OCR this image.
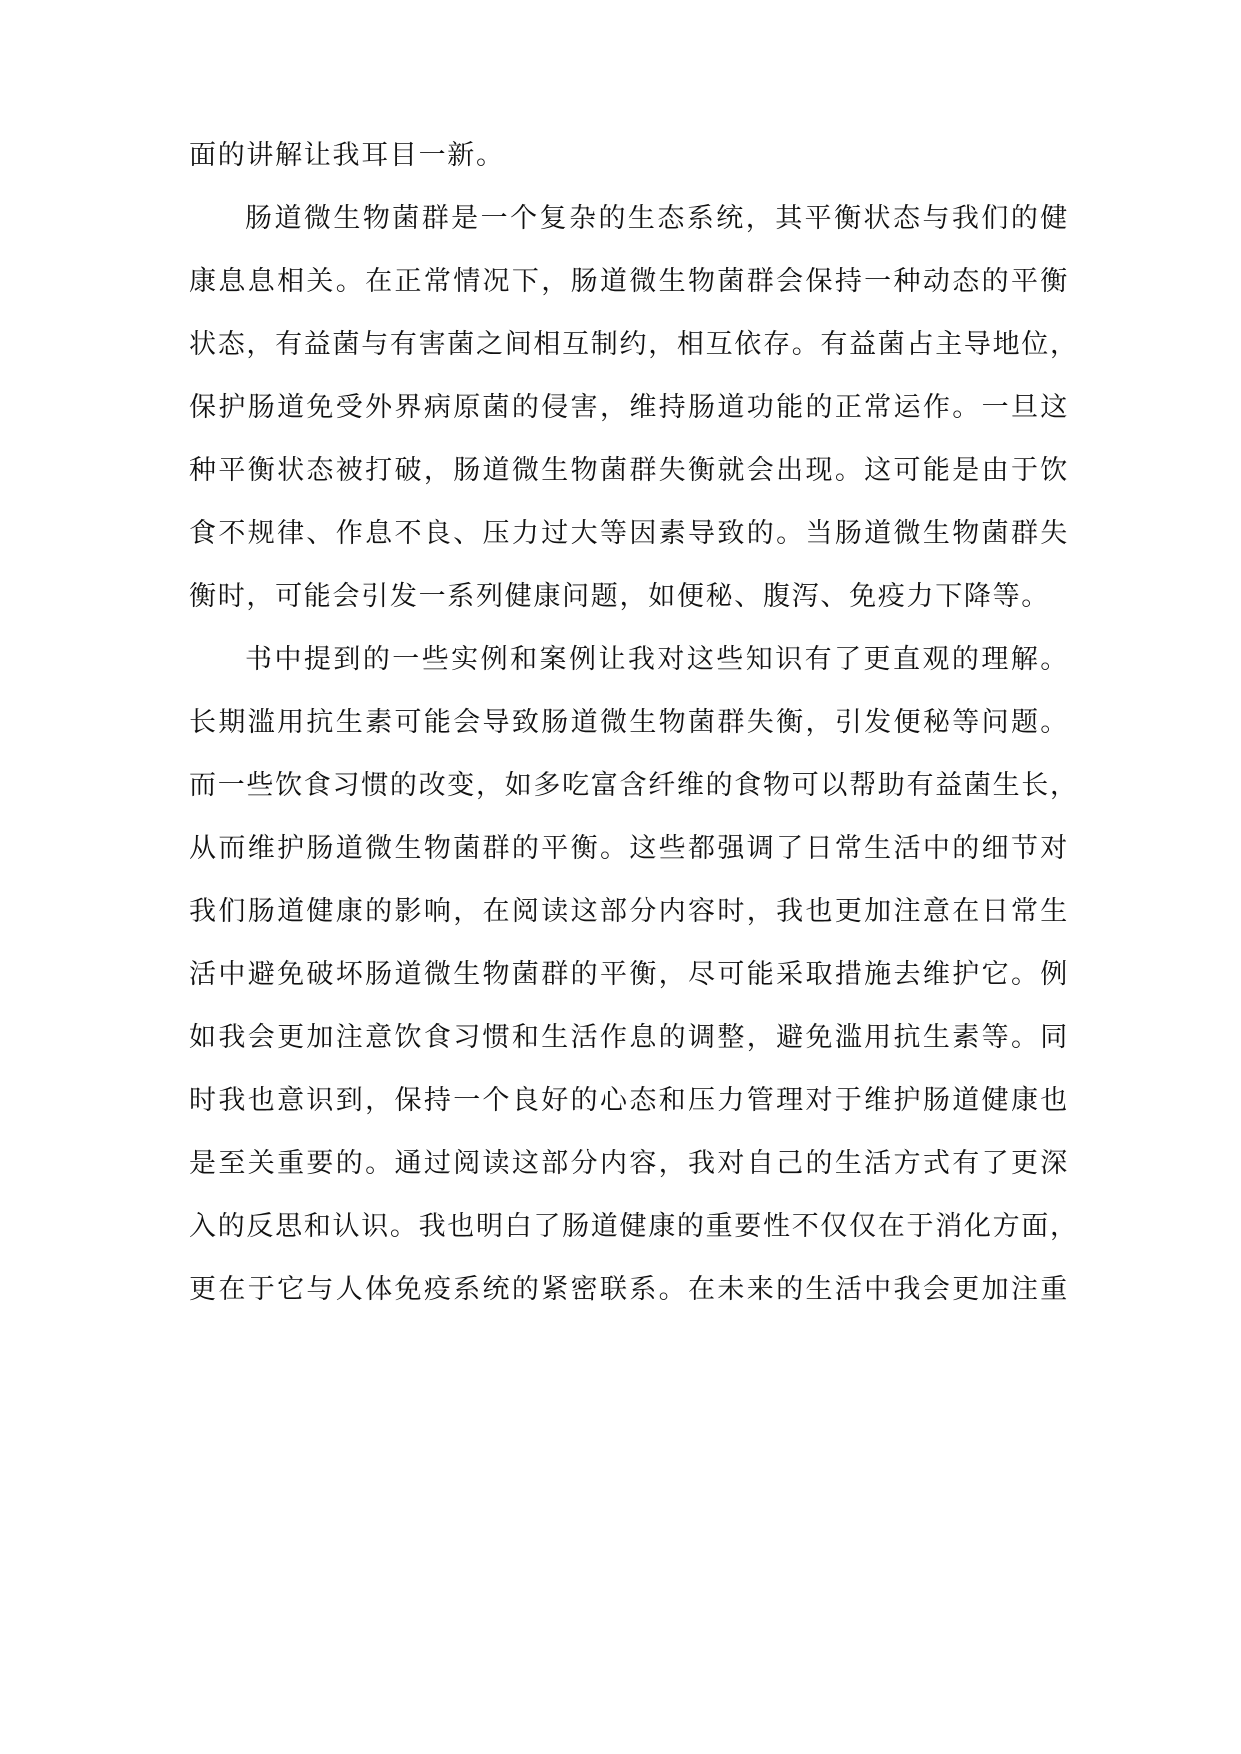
面的讲解让我耳目一新。
肠道微生物菌群是一个复杂的生态系统，其平衡状态与我们的健
康息息相关。在正常情况下，肠道微生物菌群会保持一种动态的平衡
状态，有益菌与有害菌之间相互制约，相互依存。有益菌占主导地位，
保护肠道免受外界病原菌的侵害，维持肠道功能的正常运作。一旦这
种平衡状态被打破，肠道微生物菌群失衡就会出现。这可能是由于饮
食不规律、作息不良、压力过大等因素导致的。当肠道微生物菌群失
衡时，可能会引发一系列健康问题，如便秘、腹泻、免疫力下降等。
书中提到的一些实例和案例让我对这些知识有了更直观的理解。
长期滥用抗生素可能会导致肠道微生物菌群失衡，引发便秘等问题。
而一些饮食习惯的改变，如多吃富含纤维的食物可以帮助有益菌生长，
从而维护肠道微生物菌群的平衡。这些都强调了日常生活中的细节对
我们肠道健康的影响，在阅读这部分内容时，我也更加注意在日常生
活中避免破坏肠道微生物菌群的平衡，尽可能采取措施去维护它。例
如我会更加注意饮食习惯和生活作息的调整，避免滥用抗生素等。同
时我也意识到，保持一个良好的心态和压力管理对于维护肠道健康也
是至关重要的。通过阅读这部分内容，我对自己的生活方式有了更深
入的反思和认识。我也明白了肠道健康的重要性不仅仅在于消化方面，
更在于它与人体免疫系统的紧密联系。在未来的生活中我会更加注重
